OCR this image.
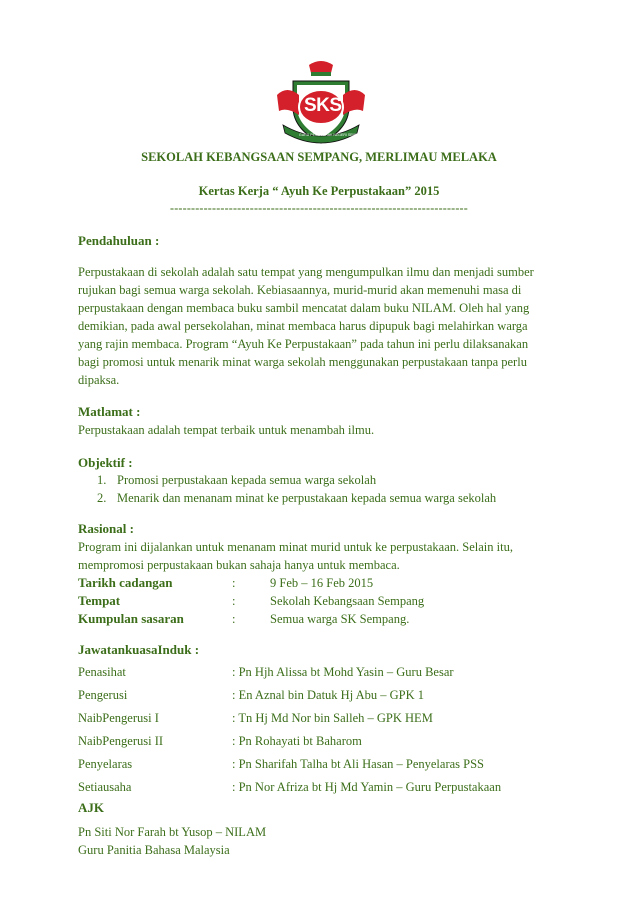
SKS
GURU PENGGERAK NEGERI SEMPANG
SEKOLAH KEBANGSAAN SEMPANG, MERLIMAU MELAKA
Kertas Kerja “ Ayuh Ke Perpustakaan” 2015
-----------------------------------------------------------------------
Pendahuluan :
Perpustakaan di sekolah adalah satu tempat yang mengumpulkan ilmu dan menjadi sumber
rujukan bagi semua warga sekolah. Kebiasaannya, murid-murid akan memenuhi masa di
perpustakaan dengan membaca buku sambil mencatat dalam buku NILAM. Oleh hal yang
demikian, pada awal persekolahan, minat membaca harus dipupuk bagi melahirkan warga
yang rajin membaca. Program “Ayuh Ke Perpustakaan” pada tahun ini perlu dilaksanakan
bagi promosi untuk menarik minat warga sekolah menggunakan perpustakaan tanpa perlu
dipaksa.
Matlamat :
Perpustakaan adalah tempat terbaik untuk menambah ilmu.
Objektif :
1. Promosi perpustakaan kepada semua warga sekolah
2. Menarik dan menanam minat ke perpustakaan kepada semua warga sekolah
Rasional :
Program ini dijalankan untuk menanam minat murid untuk ke perpustakaan. Selain itu,
mempromosi perpustakaan bukan sahaja hanya untuk membaca.
Tarikh cadangan	:	9 Feb – 16 Feb 2015
Tempat	:	Sekolah Kebangsaan Sempang
Kumpulan sasaran	:	Semua warga SK Sempang.
JawatankuasaInduk :
Penasihat	: Pn Hjh Alissa bt Mohd Yasin – Guru Besar
Pengerusi	: En Aznal bin Datuk Hj Abu – GPK 1
NaibPengerusi I	: Tn Hj Md Nor bin Salleh – GPK HEM
NaibPengerusi II	: Pn Rohayati bt Baharom
Penyelaras	: Pn Sharifah Talha bt Ali Hasan – Penyelaras PSS
Setiausaha	: Pn Nor Afriza bt Hj Md Yamin – Guru Perpustakaan
AJK
Pn Siti Nor Farah bt Yusop – NILAM
Guru Panitia Bahasa Malaysia
